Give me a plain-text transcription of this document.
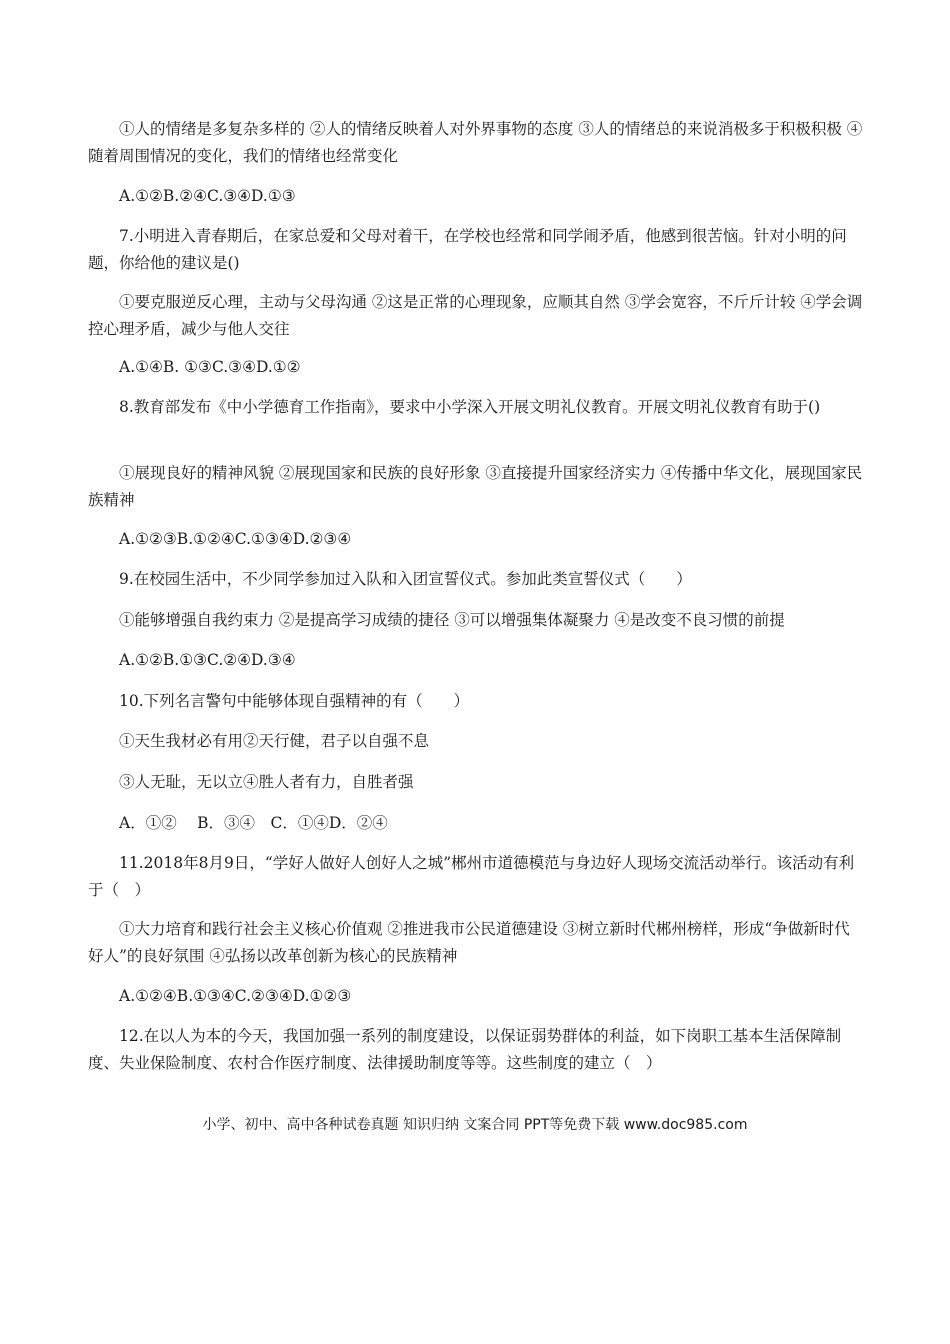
①人的情绪是多复杂多样的 ②人的情绪反映着人对外界事物的态度 ③人的情绪总的来说消极多于积极积极 ④随着周围情况的变化，我们的情绪也经常变化

A.①②B.②④C.③④D.①③

7.小明进入青春期后，在家总爱和父母对着干，在学校也经常和同学闹矛盾，他感到很苦恼。针对小明的问题，你给他的建议是()

①要克服逆反心理，主动与父母沟通 ②这是正常的心理现象，应顺其自然 ③学会宽容，不斤斤计较 ④学会调控心理矛盾，减少与他人交往

A.①④B. ①③C.③④D.①②

8.教育部发布《中小学德育工作指南》，要求中小学深入开展文明礼仪教育。开展文明礼仪教育有助于()

①展现良好的精神风貌 ②展现国家和民族的良好形象 ③直接提升国家经济实力 ④传播中华文化，展现国家民族精神

A.①②③B.①②④C.①③④D.②③④

9.在校园生活中，不少同学参加过入队和入团宣誓仪式。参加此类宣誓仪式（　　）

①能够增强自我约束力 ②是提高学习成绩的捷径 ③可以增强集体凝聚力 ④是改变不良习惯的前提

A.①②B.①③C.②④D.③④

10.下列名言警句中能够体现自强精神的有（　　）

①天生我材必有用②天行健，君子以自强不息

③人无耻，无以立④胜人者有力，自胜者强

A．①②　 B．③④　C．①④D．②④

11.2018年8月9日，“学好人做好人创好人之城”郴州市道德模范与身边好人现场交流活动举行。该活动有利于（　）

①大力培育和践行社会主义核心价值观 ②推进我市公民道德建设 ③树立新时代郴州榜样，形成“争做新时代好人”的良好氛围 ④弘扬以改革创新为核心的民族精神

A.①②④B.①③④C.②③④D.①②③

12.在以人为本的今天，我国加强一系列的制度建设，以保证弱势群体的利益，如下岗职工基本生活保障制度、失业保险制度、农村合作医疗制度、法律援助制度等等。这些制度的建立（　）

小学、初中、高中各种试卷真题 知识归纳 文案合同 PPT等免费下载 www.doc985.com
